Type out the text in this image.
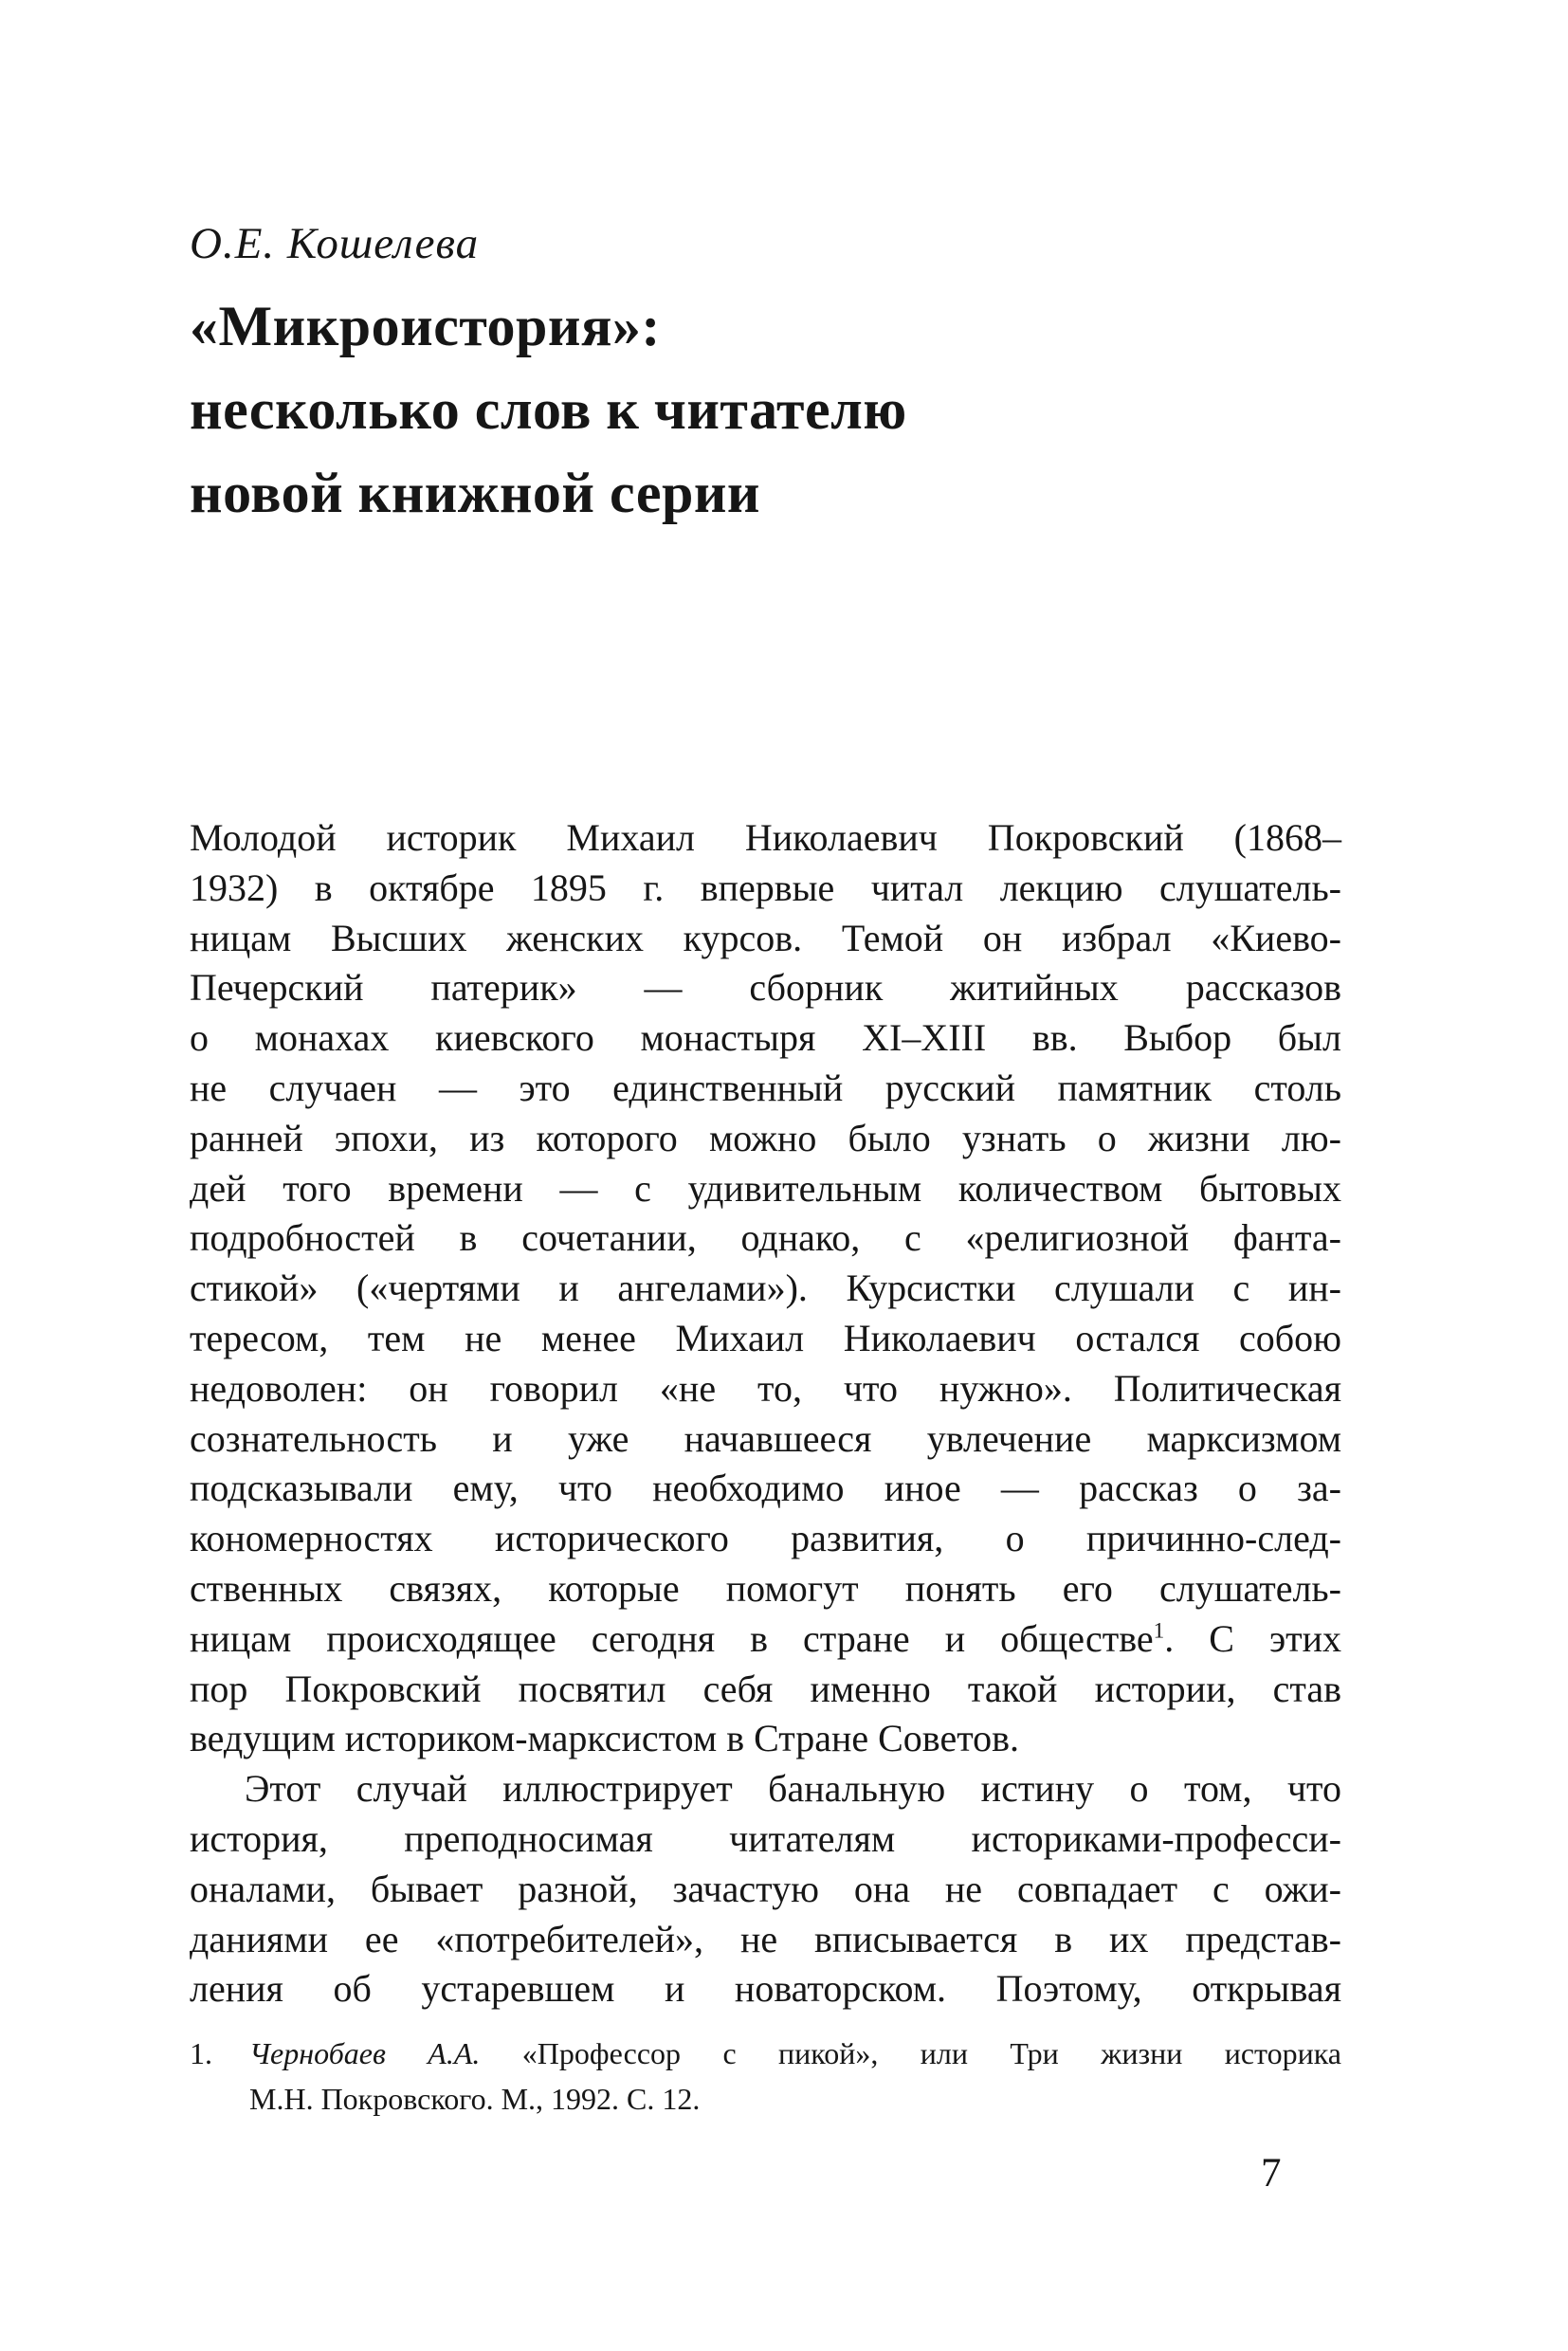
О.Е. Кошелева
«Микроистория»:
несколько слов к читателю
новой книжной серии
Молодой историк Михаил Николаевич Покровский (1868–
1932) в октябре 1895 г. впервые читал лекцию слушатель-
ницам Высших женских курсов. Темой он избрал «Киево-
Печерский патерик» — сборник житийных рассказов
о монахах киевского монастыря XI–XIII вв. Выбор был
не случаен — это единственный русский памятник столь
ранней эпохи, из которого можно было узнать о жизни лю-
дей того времени — с удивительным количеством бытовых
подробностей в сочетании, однако, с «религиозной фанта-
стикой» («чертями и ангелами»). Курсистки слушали с ин-
тересом, тем не менее Михаил Николаевич остался собою
недоволен: он говорил «не то, что нужно». Политическая
сознательность и уже начавшееся увлечение марксизмом
подсказывали ему, что необходимо иное — рассказ о за-
кономерностях исторического развития, о причинно-след-
ственных связях, которые помогут понять его слушатель-
ницам происходящее сегодня в стране и обществе$^1$. С этих
пор Покровский посвятил себя именно такой истории, став
ведущим историком-марксистом в Стране Советов.
Этот случай иллюстрирует банальную истину о том, что
история, преподносимая читателям историками-професси-
оналами, бывает разной, зачастую она не совпадает с ожи-
даниями ее «потребителей», не вписывается в их представ-
ления об устаревшем и новаторском. Поэтому, открывая
1.	Чернобаев А.А. «Профессор с пикой», или Три жизни историка
М.Н. Покровского. М., 1992. С. 12.
7
